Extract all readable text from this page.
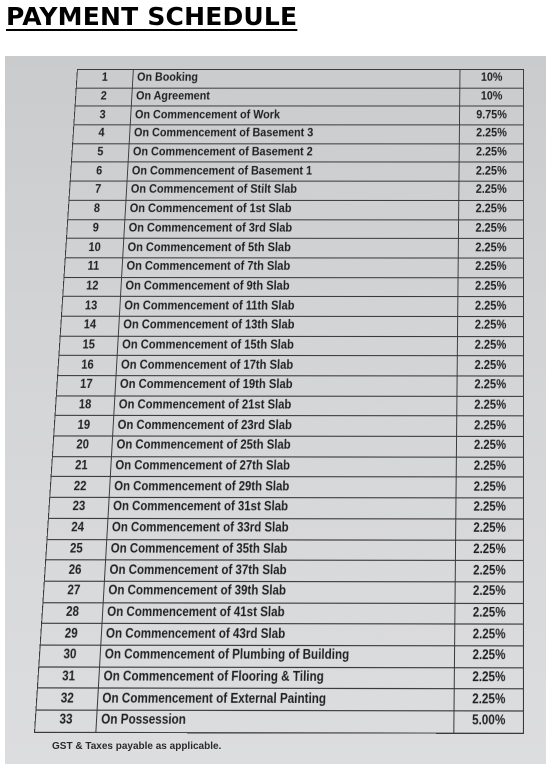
PAYMENT SCHEDULE
1	On Booking	10%
2	On Agreement	10%
3	On Commencement of Work	9.75%
4	On Commencement of Basement 3	2.25%
5	On Commencement of Basement 2	2.25%
6	On Commencement of Basement 1	2.25%
7	On Commencement of Stilt Slab	2.25%
8	On Commencement of 1st Slab	2.25%
9	On Commencement of 3rd Slab	2.25%
10	On Commencement of 5th Slab	2.25%
11	On Commencement of 7th Slab	2.25%
12	On Commencement of 9th Slab	2.25%
13	On Commencement of 11th Slab	2.25%
14	On Commencement of 13th Slab	2.25%
15	On Commencement of 15th Slab	2.25%
16	On Commencement of 17th Slab	2.25%
17	On Commencement of 19th Slab	2.25%
18	On Commencement of 21st Slab	2.25%
19	On Commencement of 23rd Slab	2.25%
20	On Commencement of 25th Slab	2.25%
21	On Commencement of 27th Slab	2.25%
22	On Commencement of 29th Slab	2.25%
23	On Commencement of 31st Slab	2.25%
24	On Commencement of 33rd Slab	2.25%
25	On Commencement of 35th Slab	2.25%
26	On Commencement of 37th Slab	2.25%
27	On Commencement of 39th Slab	2.25%
28	On Commencement of 41st Slab	2.25%
29	On Commencement of 43rd Slab	2.25%
30	On Commencement of Plumbing of Building	2.25%
31	On Commencement of Flooring & Tiling	2.25%
32	On Commencement of External Painting	2.25%
33	On Possession	5.00%
GST & Taxes payable as applicable.
